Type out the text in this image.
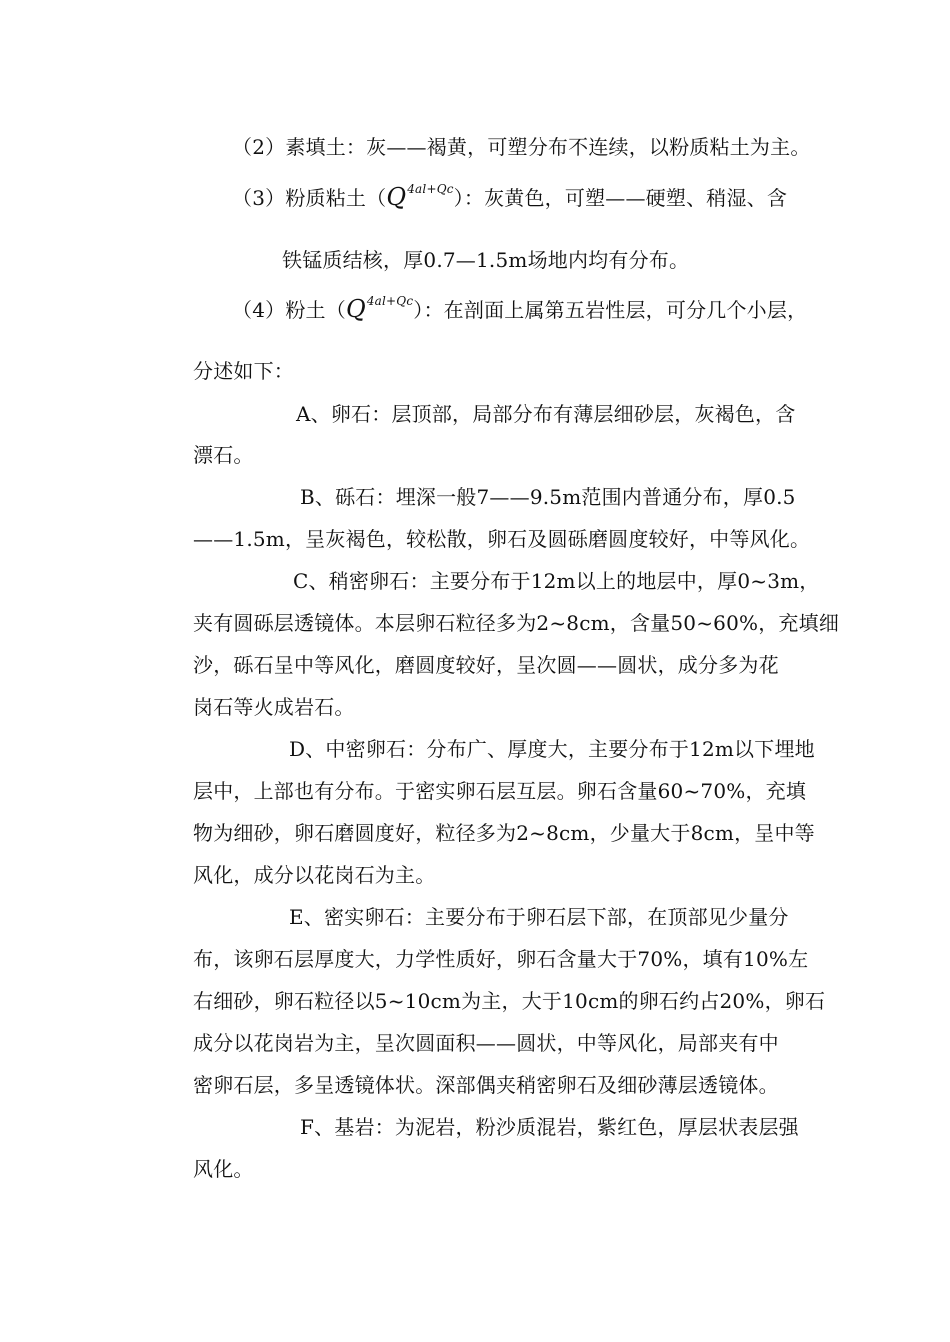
（2）素填土：灰——褐黄，可塑分布不连续，以粉质粘土为主。
（3）粉质粘土$(Q^{4al+Qc})$：灰黄色，可塑——硬塑、稍湿、含
铁锰质结核，厚0.7—1.5m场地内均有分布。
（4）粉土$(Q^{4al+Qc})$：在剖面上属第五岩性层，可分几个小层，
分述如下：
A、卵石：层顶部，局部分布有薄层细砂层，灰褐色，含
漂石。
B、砾石：埋深一般7——9.5m范围内普通分布，厚0.5
——1.5m，呈灰褐色，较松散，卵石及圆砾磨圆度较好，中等风化。
C、稍密卵石：主要分布于12m以上的地层中，厚0~3m，
夹有圆砾层透镜体。本层卵石粒径多为2~8cm，含量50~60%，充填细
沙，砾石呈中等风化，磨圆度较好，呈次圆——圆状，成分多为花
岗石等火成岩石。
D、中密卵石：分布广、厚度大，主要分布于12m以下埋地
层中，上部也有分布。于密实卵石层互层。卵石含量60~70%，充填
物为细砂，卵石磨圆度好，粒径多为2~8cm，少量大于8cm，呈中等
风化，成分以花岗石为主。
E、密实卵石：主要分布于卵石层下部，在顶部见少量分
布，该卵石层厚度大，力学性质好，卵石含量大于70%，填有10%左
右细砂，卵石粒径以5~10cm为主，大于10cm的卵石约占20%，卵石
成分以花岗岩为主，呈次圆面积——圆状，中等风化，局部夹有中
密卵石层，多呈透镜体状。深部偶夹稍密卵石及细砂薄层透镜体。
F、基岩：为泥岩，粉沙质混岩，紫红色，厚层状表层强
风化。
